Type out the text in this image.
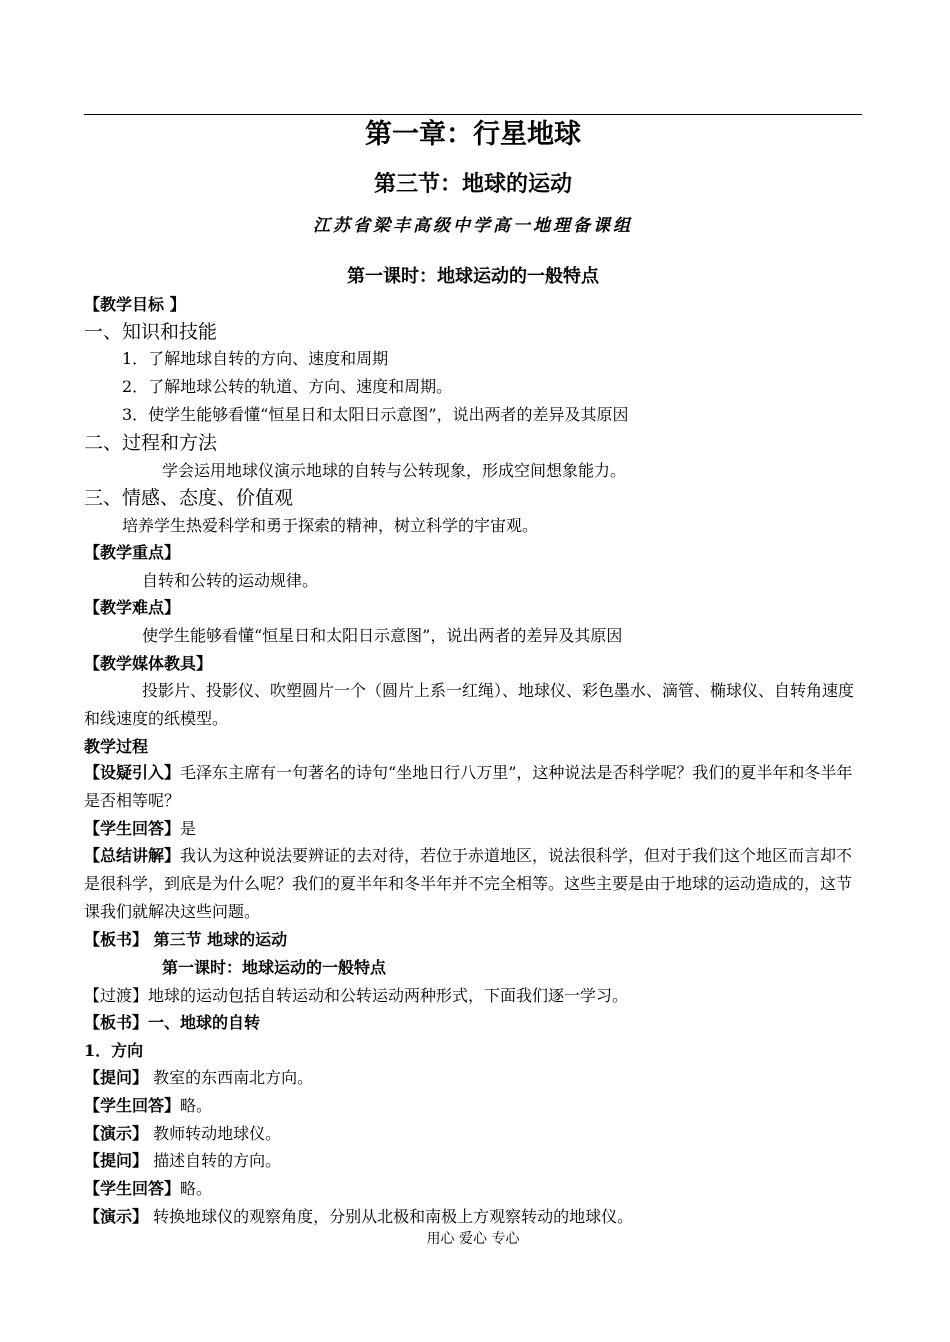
第一章：行星地球
第三节：地球的运动
江苏省梁丰高级中学高一地理备课组
第一课时：地球运动的一般特点
【教学目标 】
一、知识和技能
1．了解地球自转的方向、速度和周期
2．了解地球公转的轨道、方向、速度和周期。
3．使学生能够看懂“恒星日和太阳日示意图”，说出两者的差异及其原因
二、过程和方法
学会运用地球仪演示地球的自转与公转现象，形成空间想象能力。
三、情感、态度、价值观
培养学生热爱科学和勇于探索的精神，树立科学的宇宙观。
【教学重点】
自转和公转的运动规律。
【教学难点】
使学生能够看懂“恒星日和太阳日示意图”，说出两者的差异及其原因
【教学媒体教具】
投影片、投影仪、吹塑圆片一个（圆片上系一红绳）、地球仪、彩色墨水、滴管、椭球仪、自转角速度和线速度的纸模型。
教学过程
【设疑引入】毛泽东主席有一句著名的诗句“坐地日行八万里”，这种说法是否科学呢？我们的夏半年和冬半年是否相等呢？
【学生回答】是
【总结讲解】我认为这种说法要辨证的去对待，若位于赤道地区，说法很科学，但对于我们这个地区而言却不是很科学，到底是为什么呢？我们的夏半年和冬半年并不完全相等。这些主要是由于地球的运动造成的，这节课我们就解决这些问题。
【板书】 第三节 地球的运动
第一课时：地球运动的一般特点
【过渡】地球的运动包括自转运动和公转运动两种形式，下面我们逐一学习。
【板书】一、地球的自转
1．方向
【提问】 教室的东西南北方向。
【学生回答】略。
【演示】 教师转动地球仪。
【提问】 描述自转的方向。
【学生回答】略。
【演示】 转换地球仪的观察角度，分别从北极和南极上方观察转动的地球仪。
用心 爱心 专心
